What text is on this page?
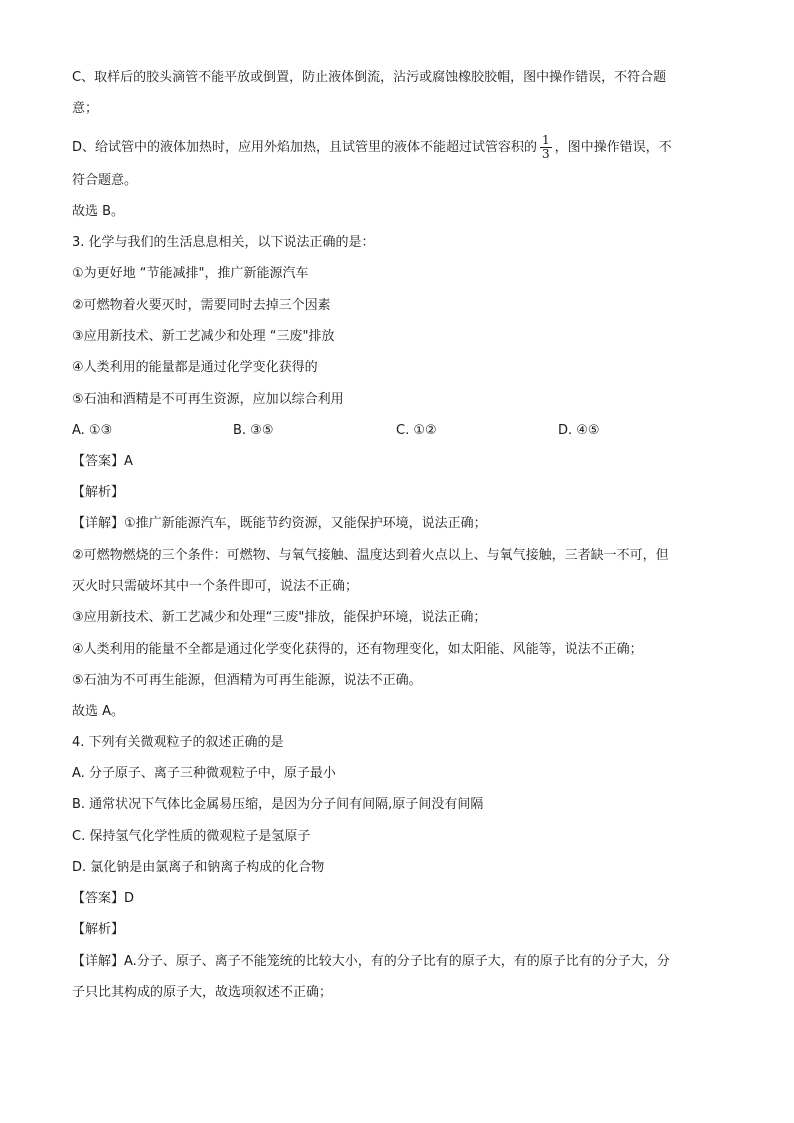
C、取样后的胶头滴管不能平放或倒置，防止液体倒流，沾污或腐蚀橡胶胶帽，图中操作错误，不符合题
意；
D、给试管中的液体加热时，应用外焰加热，且试管里的液体不能超过试管容积的 $\frac{1}{3}$ ，图中操作错误，不
符合题意。
故选 B。
3. 化学与我们的生活息息相关，以下说法正确的是：
①为更好地 “节能减排"，推广新能源汽车
②可燃物着火要灭时，需要同时去掉三个因素
③应用新技术、新工艺减少和处理 “三废"排放
④人类利用的能量都是通过化学变化获得的
⑤石油和酒精是不可再生资源，应加以综合利用
A. ①③	B. ③⑤	C. ①②	D. ④⑤
【答案】A
【解析】
【详解】①推广新能源汽车，既能节约资源，又能保护环境，说法正确；
②可燃物燃烧的三个条件：可燃物、与氧气接触、温度达到着火点以上、与氧气接触，三者缺一不可，但
灭火时只需破坏其中一个条件即可，说法不正确；
③应用新技术、新工艺减少和处理“三废"排放，能保护环境，说法正确；
④人类利用的能量不全都是通过化学变化获得的，还有物理变化，如太阳能、风能等，说法不正确；
⑤石油为不可再生能源，但酒精为可再生能源，说法不正确。
故选 A。
4. 下列有关微观粒子的叙述正确的是
A. 分子原子、离子三种微观粒子中，原子最小
B. 通常状况下气体比金属易压缩，是因为分子间有间隔,原子间没有间隔
C. 保持氢气化学性质的微观粒子是氢原子
D. 氯化钠是由氯离子和钠离子构成的化合物
【答案】D
【解析】
【详解】A.分子、原子、离子不能笼统的比较大小，有的分子比有的原子大，有的原子比有的分子大，分
子只比其构成的原子大，故选项叙述不正确；
